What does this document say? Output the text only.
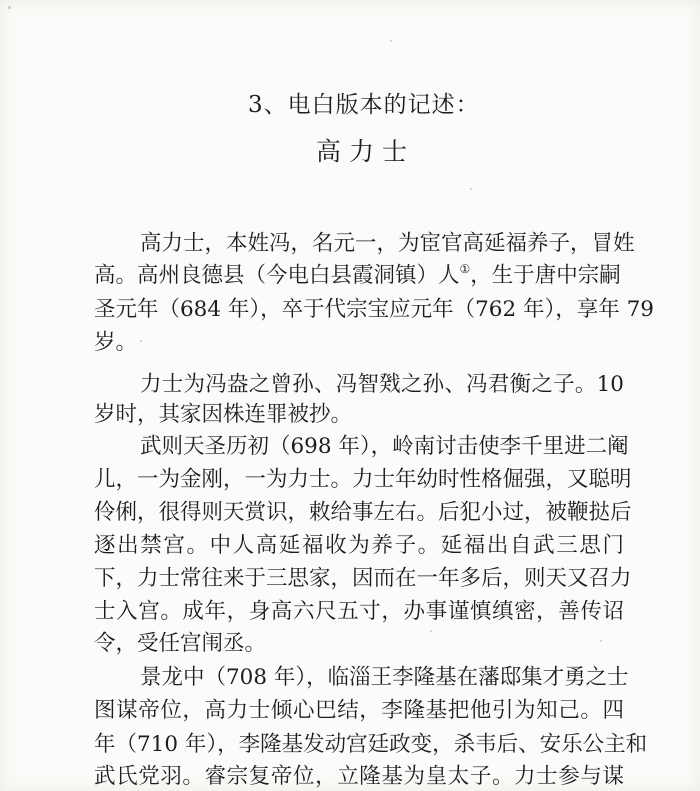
3、电白版本的记述：
高力士
高力士，本姓冯，名元一，为宦官高延福养子，冒姓
高。高州良德县（今电白县霞洞镇）人①，生于唐中宗嗣
圣元年（684 年），卒于代宗宝应元年（762 年），享年 79
岁。
力士为冯盎之曾孙、冯智戣之孙、冯君衡之子。10
岁时，其家因株连罪被抄。
武则天圣历初（698 年），岭南讨击使李千里进二阉
儿，一为金刚，一为力士。力士年幼时性格倔强，又聪明
伶俐，很得则天赏识，敕给事左右。后犯小过，被鞭挞后
逐出禁宫。中人高延福收为养子。延福出自武三思门
下，力士常往来于三思家，因而在一年多后，则天又召力
士入宫。成年，身高六尺五寸，办事谨慎缜密，善传诏
令，受任宫闱丞。
景龙中（708 年），临淄王李隆基在藩邸集才勇之士
图谋帝位，高力士倾心巴结，李隆基把他引为知己。四
年（710 年），李隆基发动宫廷政变，杀韦后、安乐公主和
武氏党羽。睿宗复帝位，立隆基为皇太子。力士参与谋
